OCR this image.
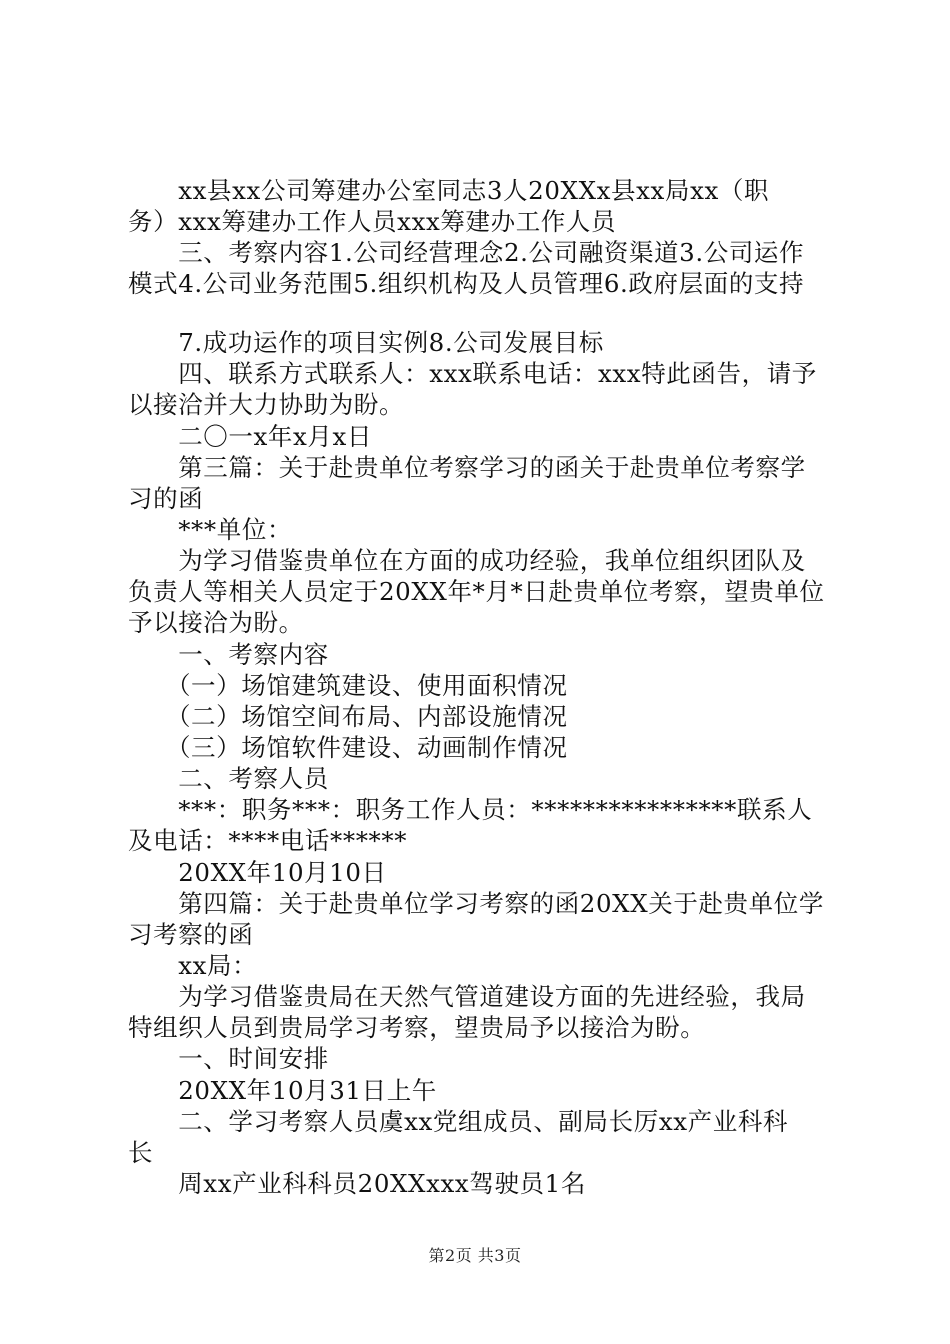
　　xx县xx公司筹建办公室同志3人20XXx县xx局xx（职
务）xxx筹建办工作人员xxx筹建办工作人员
　　三、考察内容1.公司经营理念2.公司融资渠道3.公司运作
模式4.公司业务范围5.组织机构及人员管理6.政府层面的支持
　　7.成功运作的项目实例8.公司发展目标
　　四、联系方式联系人：xxx联系电话：xxx特此函告，请予
以接洽并大力协助为盼。
　　二〇一x年x月x日
　　第三篇：关于赴贵单位考察学习的函关于赴贵单位考察学
习的函
　　***单位：
　　为学习借鉴贵单位在方面的成功经验，我单位组织团队及
负责人等相关人员定于20XX年*月*日赴贵单位考察，望贵单位
予以接洽为盼。
　　一、考察内容
　　（一）场馆建筑建设、使用面积情况
　　（二）场馆空间布局、内部设施情况
　　（三）场馆软件建设、动画制作情况
　　二、考察人员
　　***：职务***：职务工作人员：****************联系人
及电话：****电话******
　　20XX年10月10日
　　第四篇：关于赴贵单位学习考察的函20XX关于赴贵单位学
习考察的函
　　xx局：
　　为学习借鉴贵局在天然气管道建设方面的先进经验，我局
特组织人员到贵局学习考察，望贵局予以接洽为盼。
　　一、时间安排
　　20XX年10月31日上午
　　二、学习考察人员虞xx党组成员、副局长厉xx产业科科
长
　　周xx产业科科员20XXxxx驾驶员1名
第2页 共3页
